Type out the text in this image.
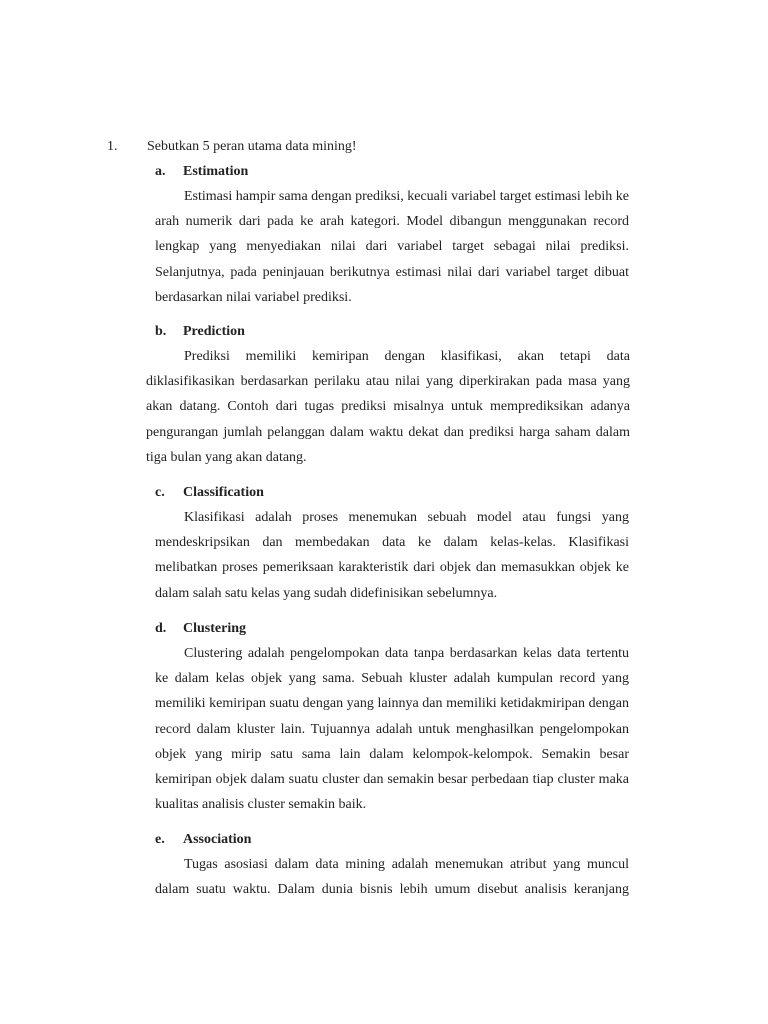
1. Sebutkan 5 peran utama data mining!
a. Estimation
Estimasi hampir sama dengan prediksi, kecuali variabel target estimasi lebih ke arah numerik dari pada ke arah kategori. Model dibangun menggunakan record lengkap yang menyediakan nilai dari variabel target sebagai nilai prediksi. Selanjutnya, pada peninjauan berikutnya estimasi nilai dari variabel target dibuat berdasarkan nilai variabel prediksi.
b. Prediction
Prediksi memiliki kemiripan dengan klasifikasi, akan tetapi data diklasifikasikan berdasarkan perilaku atau nilai yang diperkirakan pada masa yang akan datang. Contoh dari tugas prediksi misalnya untuk memprediksikan adanya pengurangan jumlah pelanggan dalam waktu dekat dan prediksi harga saham dalam tiga bulan yang akan datang.
c. Classification
Klasifikasi adalah proses menemukan sebuah model atau fungsi yang mendeskripsikan dan membedakan data ke dalam kelas-kelas. Klasifikasi melibatkan proses pemeriksaan karakteristik dari objek dan memasukkan objek ke dalam salah satu kelas yang sudah didefinisikan sebelumnya.
d. Clustering
Clustering adalah pengelompokan data tanpa berdasarkan kelas data tertentu ke dalam kelas objek yang sama. Sebuah kluster adalah kumpulan record yang memiliki kemiripan suatu dengan yang lainnya dan memiliki ketidakmiripan dengan record dalam kluster lain. Tujuannya adalah untuk menghasilkan pengelompokan objek yang mirip satu sama lain dalam kelompok-kelompok. Semakin besar kemiripan objek dalam suatu cluster dan semakin besar perbedaan tiap cluster maka kualitas analisis cluster semakin baik.
e. Association
Tugas asosiasi dalam data mining adalah menemukan atribut yang muncul dalam suatu waktu. Dalam dunia bisnis lebih umum disebut analisis keranjang
